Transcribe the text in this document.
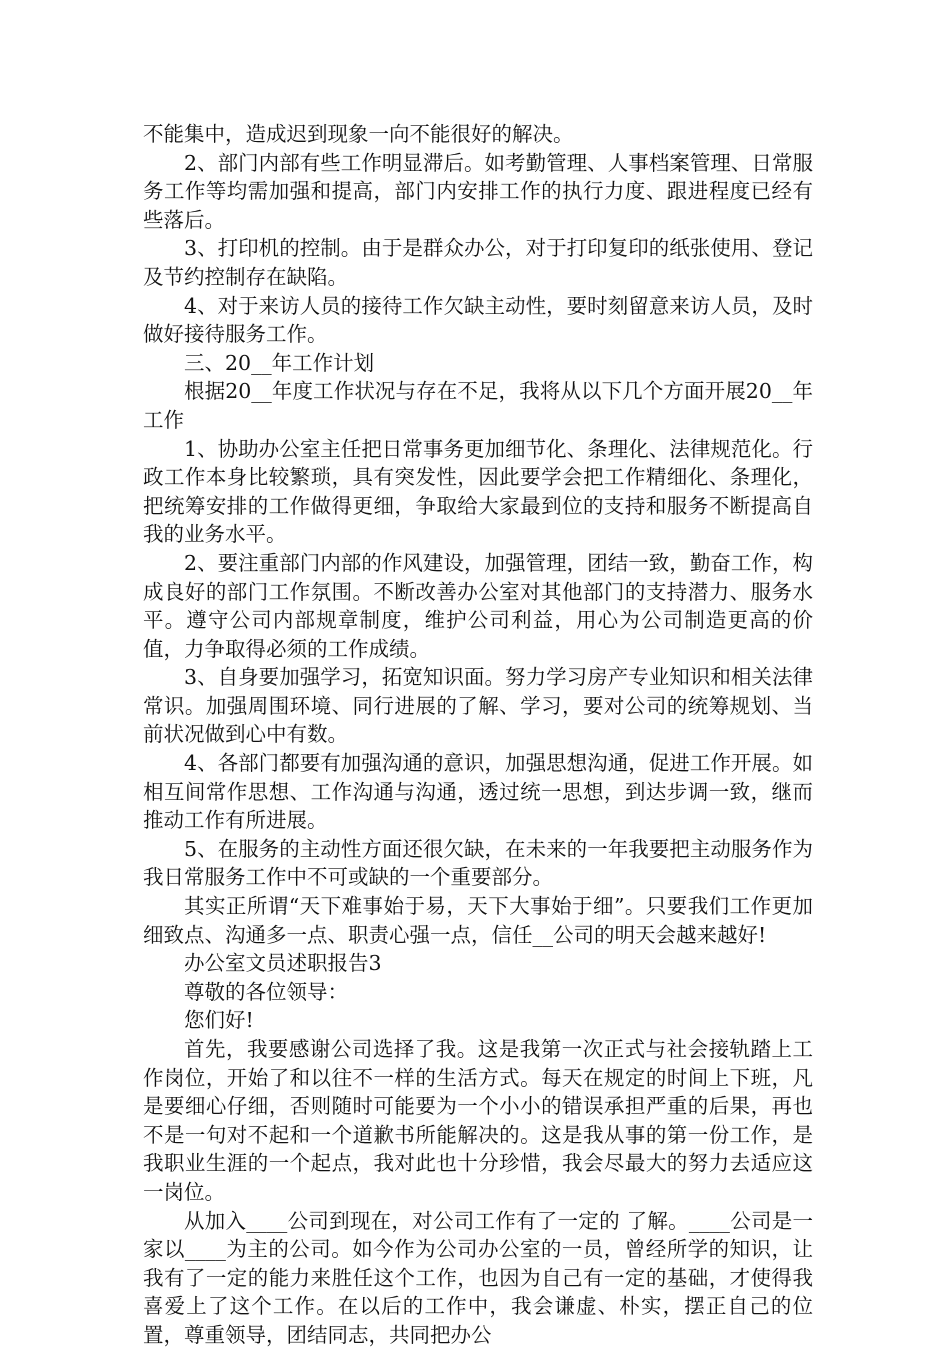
不能集中，造成迟到现象一向不能很好的解决。

2、部门内部有些工作明显滞后。如考勤管理、人事档案管理、日常服务工作等均需加强和提高，部门内安排工作的执行力度、跟进程度已经有些落后。

3、打印机的控制。由于是群众办公，对于打印复印的纸张使用、登记及节约控制存在缺陷。

4、对于来访人员的接待工作欠缺主动性，要时刻留意来访人员，及时做好接待服务工作。

三、20__年工作计划

根据20__年度工作状况与存在不足，我将从以下几个方面开展20__年工作

1、协助办公室主任把日常事务更加细节化、条理化、法律规范化。行政工作本身比较繁琐，具有突发性，因此要学会把工作精细化、条理化，把统筹安排的工作做得更细，争取给大家最到位的支持和服务不断提高自我的业务水平。

2、要注重部门内部的作风建设，加强管理，团结一致，勤奋工作，构成良好的部门工作氛围。不断改善办公室对其他部门的支持潜力、服务水平。遵守公司内部规章制度，维护公司利益，用心为公司制造更高的价值，力争取得必须的工作成绩。

3、自身要加强学习，拓宽知识面。努力学习房产专业知识和相关法律常识。加强周围环境、同行进展的了解、学习，要对公司的统筹规划、当前状况做到心中有数。

4、各部门都要有加强沟通的意识，加强思想沟通，促进工作开展。如相互间常作思想、工作沟通与沟通，透过统一思想，到达步调一致，继而推动工作有所进展。

5、在服务的主动性方面还很欠缺，在未来的一年我要把主动服务作为我日常服务工作中不可或缺的一个重要部分。

其实正所谓“天下难事始于易，天下大事始于细”。只要我们工作更加细致点、沟通多一点、职责心强一点，信任__公司的明天会越来越好!

办公室文员述职报告3

尊敬的各位领导：

您们好!

首先，我要感谢公司选择了我。这是我第一次正式与社会接轨踏上工作岗位，开始了和以往不一样的生活方式。每天在规定的时间上下班，凡是要细心仔细，否则随时可能要为一个小小的错误承担严重的后果，再也不是一句对不起和一个道歉书所能解决的。这是我从事的第一份工作，是我职业生涯的一个起点，我对此也十分珍惜，我会尽最大的努力去适应这一岗位。

从加入____公司到现在，对公司工作有了一定的 了解。____公司是一家以____为主的公司。如今作为公司办公室的一员，曾经所学的知识，让我有了一定的能力来胜任这个工作，也因为自己有一定的基础，才使得我喜爱上了这个工作。在以后的工作中，我会谦虚、朴实，摆正自己的位置，尊重领导，团结同志，共同把办公
